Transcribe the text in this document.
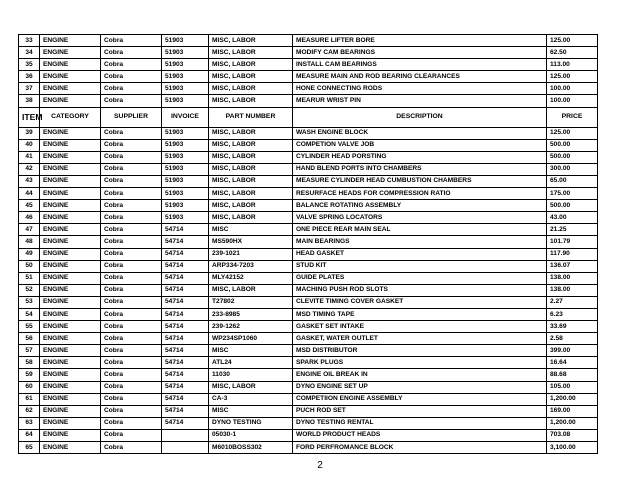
33	ENGINE	Cobra	51903	MISC, LABOR	MEASURE LIFTER BORE	125.00
34	ENGINE	Cobra	51903	MISC, LABOR	MODIFY CAM BEARINGS	62.50
35	ENGINE	Cobra	51903	MISC, LABOR	INSTALL CAM BEARINGS	113.00
36	ENGINE	Cobra	51903	MISC, LABOR	MEASURE MAIN AND ROD BEARING CLEARANCES	125.00
37	ENGINE	Cobra	51903	MISC, LABOR	HONE CONNECTING RODS	100.00
38	ENGINE	Cobra	51903	MISC, LABOR	MEARUR WRIST PIN	100.00
ITEM	CATEGORY	SUPPLIER	INVOICE	PART NUMBER	DESCRIPTION	PRICE
39	ENGINE	Cobra	51903	MISC, LABOR	WASH ENGINE BLOCK	125.00
40	ENGINE	Cobra	51903	MISC, LABOR	COMPETION VALVE JOB	500.00
41	ENGINE	Cobra	51903	MISC, LABOR	CYLINDER HEAD PORSTING	500.00
42	ENGINE	Cobra	51903	MISC, LABOR	HAND BLEND PORTS INTO CHAMBERS	300.00
43	ENGINE	Cobra	51903	MISC, LABOR	MEASURE CYLINDER HEAD CUMBUSTION CHAMBERS	65.00
44	ENGINE	Cobra	51903	MISC, LABOR	RESURFACE HEADS FOR COMPRESSION RATIO	175.00
45	ENGINE	Cobra	51903	MISC, LABOR	BALANCE ROTATING ASSEMBLY	500.00
46	ENGINE	Cobra	51903	MISC, LABOR	VALVE SPRING LOCATORS	43.00
47	ENGINE	Cobra	54714	MISC	ONE PIECE REAR MAIN SEAL	21.25
48	ENGINE	Cobra	54714	MS590HX	MAIN BEARINGS	101.79
49	ENGINE	Cobra	54714	239-1021	HEAD GASKET	117.90
50	ENGINE	Cobra	54714	ARP334-7203	STUD KIT	136.07
51	ENGINE	Cobra	54714	MLY42152	GUIDE PLATES	138.00
52	ENGINE	Cobra	54714	MISC, LABOR	MACHING PUSH ROD SLOTS	138.00
53	ENGINE	Cobra	54714	T27802	CLEVITE TIMING COVER GASKET	2.27
54	ENGINE	Cobra	54714	233-8985	MSD TIMING TAPE	6.23
55	ENGINE	Cobra	54714	239-1262	GASKET SET INTAKE	33.69
56	ENGINE	Cobra	54714	WP234SP1060	GASKET, WATER OUTLET	2.58
57	ENGINE	Cobra	54714	MISC	MSD DISTRIBUTOR	399.00
58	ENGINE	Cobra	54714	ATL24	SPARK PLUGS	16.64
59	ENGINE	Cobra	54714	11030	ENGINE OIL BREAK IN	88.68
60	ENGINE	Cobra	54714	MISC, LABOR	DYNO ENGINE SET UP	105.00
61	ENGINE	Cobra	54714	CA-3	COMPETIION ENGINE ASSEMBLY	1,200.00
62	ENGINE	Cobra	54714	MISC	PUCH ROD SET	169.00
63	ENGINE	Cobra	54714	DYNO TESTING	DYNO TESTING RENTAL	1,200.00
64	ENGINE	Cobra		05030-1	WORLD PRODUCT HEADS	703.08
65	ENGINE	Cobra		M6010BOSS302	FORD PERFROMANCE BLOCK	3,100.00
2
